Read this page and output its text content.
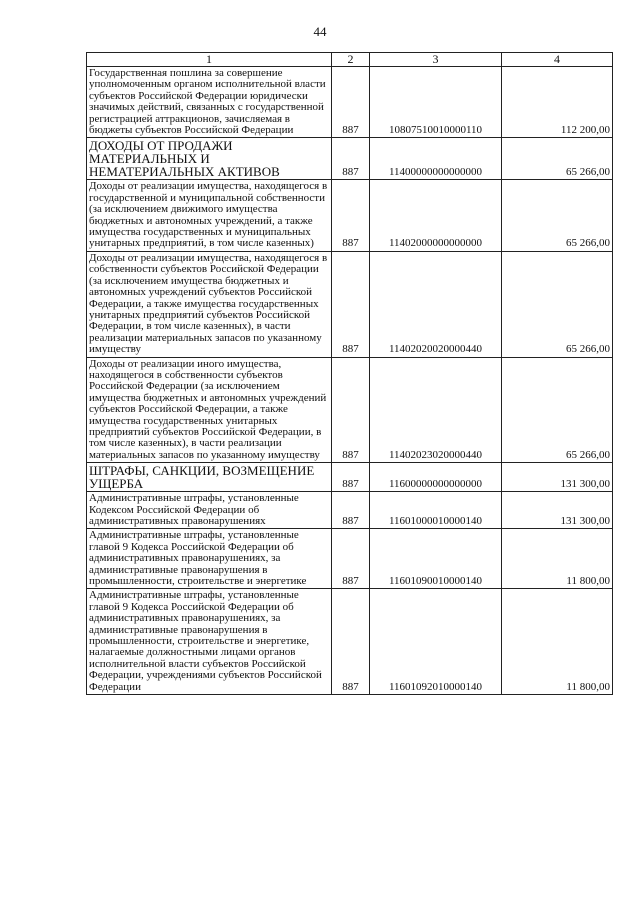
44
1	2	3	4
Государственная пошлина за совершение уполномоченным органом исполнительной власти субъектов Российской Федерации юридически значимых действий, связанных с государственной регистрацией аттракционов, зачисляемая в бюджеты субъектов Российской Федерации	887	10807510010000110	112 200,00
ДОХОДЫ ОТ ПРОДАЖИ МАТЕРИАЛЬНЫХ И НЕМАТЕРИАЛЬНЫХ АКТИВОВ	887	11400000000000000	65 266,00
Доходы от реализации имущества, находящегося в государственной и муниципальной собственности (за исключением движимого имущества бюджетных и автономных учреждений, а также имущества государственных и муниципальных унитарных предприятий, в том числе казенных)	887	11402000000000000	65 266,00
Доходы от реализации имущества, находящегося в собственности субъектов Российской Федерации (за исключением имущества бюджетных и автономных учреждений субъектов Российской Федерации, а также имущества государственных унитарных предприятий субъектов Российской Федерации, в том числе казенных), в части реализации материальных запасов по указанному имуществу	887	11402020020000440	65 266,00
Доходы от реализации иного имущества, находящегося в собственности субъектов Российской Федерации (за исключением имущества бюджетных и автономных учреждений субъектов Российской Федерации, а также имущества государственных унитарных предприятий субъектов Российской Федерации, в том числе казенных), в части реализации материальных запасов по указанному имуществу	887	11402023020000440	65 266,00
ШТРАФЫ, САНКЦИИ, ВОЗМЕЩЕНИЕ УЩЕРБА	887	11600000000000000	131 300,00
Административные штрафы, установленные Кодексом Российской Федерации об административных правонарушениях	887	11601000010000140	131 300,00
Административные штрафы, установленные главой 9 Кодекса Российской Федерации об административных правонарушениях, за административные правонарушения в промышленности, строительстве и энергетике	887	11601090010000140	11 800,00
Административные штрафы, установленные главой 9 Кодекса Российской Федерации об административных правонарушениях, за административные правонарушения в промышленности, строительстве и энергетике, налагаемые должностными лицами органов исполнительной власти субъектов Российской Федерации, учреждениями субъектов Российской Федерации	887	11601092010000140	11 800,00
